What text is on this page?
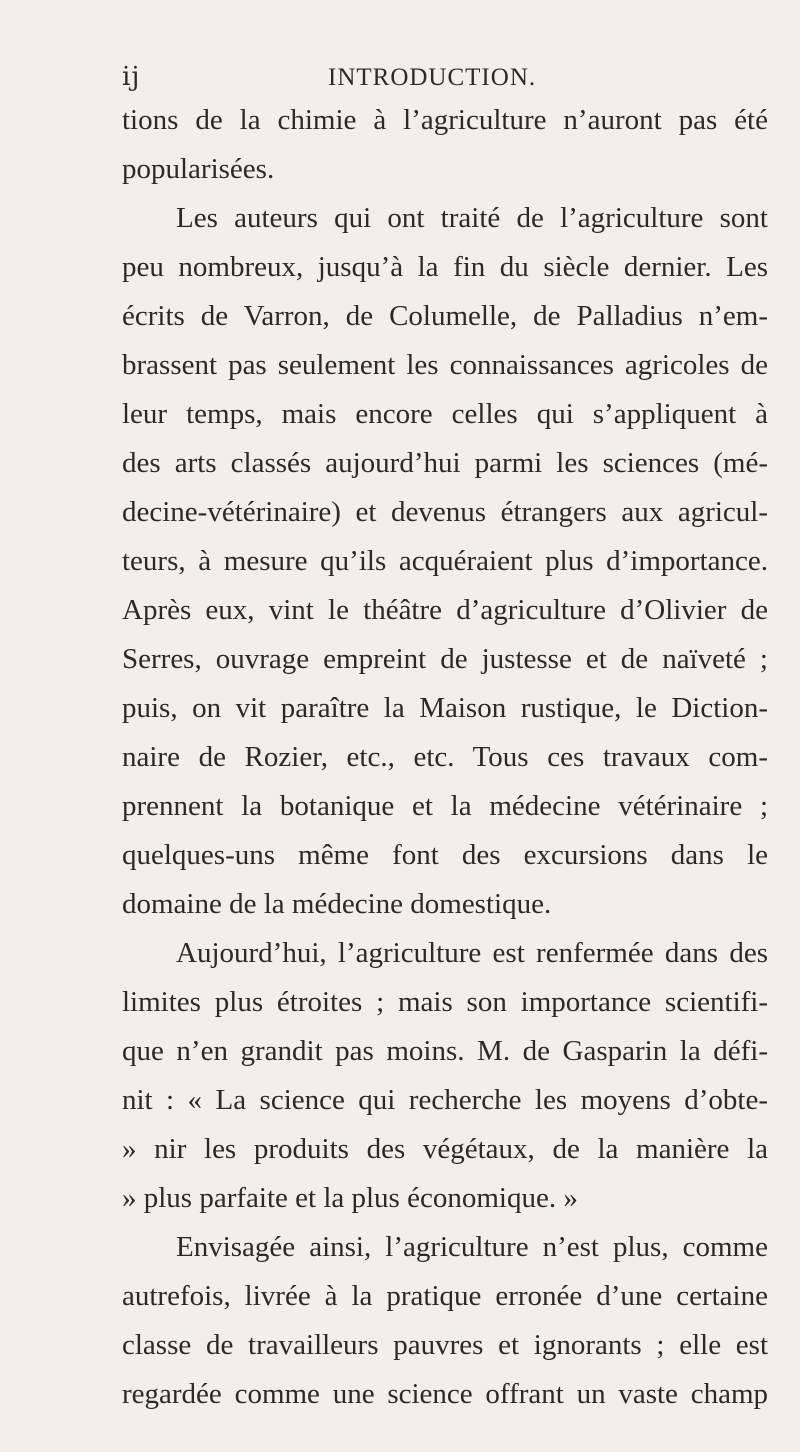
ij	INTRODUCTION.
tions de la chimie à l’agriculture n’auront pas été
popularisées.
Les auteurs qui ont traité de l’agriculture sont
peu nombreux, jusqu’à la fin du siècle dernier. Les
écrits de Varron, de Columelle, de Palladius n’em-
brassent pas seulement les connaissances agricoles de
leur temps, mais encore celles qui s’appliquent à
des arts classés aujourd’hui parmi les sciences (mé-
decine-vétérinaire) et devenus étrangers aux agricul-
teurs, à mesure qu’ils acquéraient plus d’importance.
Après eux, vint le théâtre d’agriculture d’Olivier de
Serres, ouvrage empreint de justesse et de naïveté ;
puis, on vit paraître la Maison rustique, le Diction-
naire de Rozier, etc., etc. Tous ces travaux com-
prennent la botanique et la médecine vétérinaire ;
quelques-uns même font des excursions dans le
domaine de la médecine domestique.
Aujourd’hui, l’agriculture est renfermée dans des
limites plus étroites ; mais son importance scientifi-
que n’en grandit pas moins. M. de Gasparin la défi-
nit : « La science qui recherche les moyens d’obte-
» nir les produits des végétaux, de la manière la
» plus parfaite et la plus économique. »
Envisagée ainsi, l’agriculture n’est plus, comme
autrefois, livrée à la pratique erronée d’une certaine
classe de travailleurs pauvres et ignorants ; elle est
regardée comme une science offrant un vaste champ
